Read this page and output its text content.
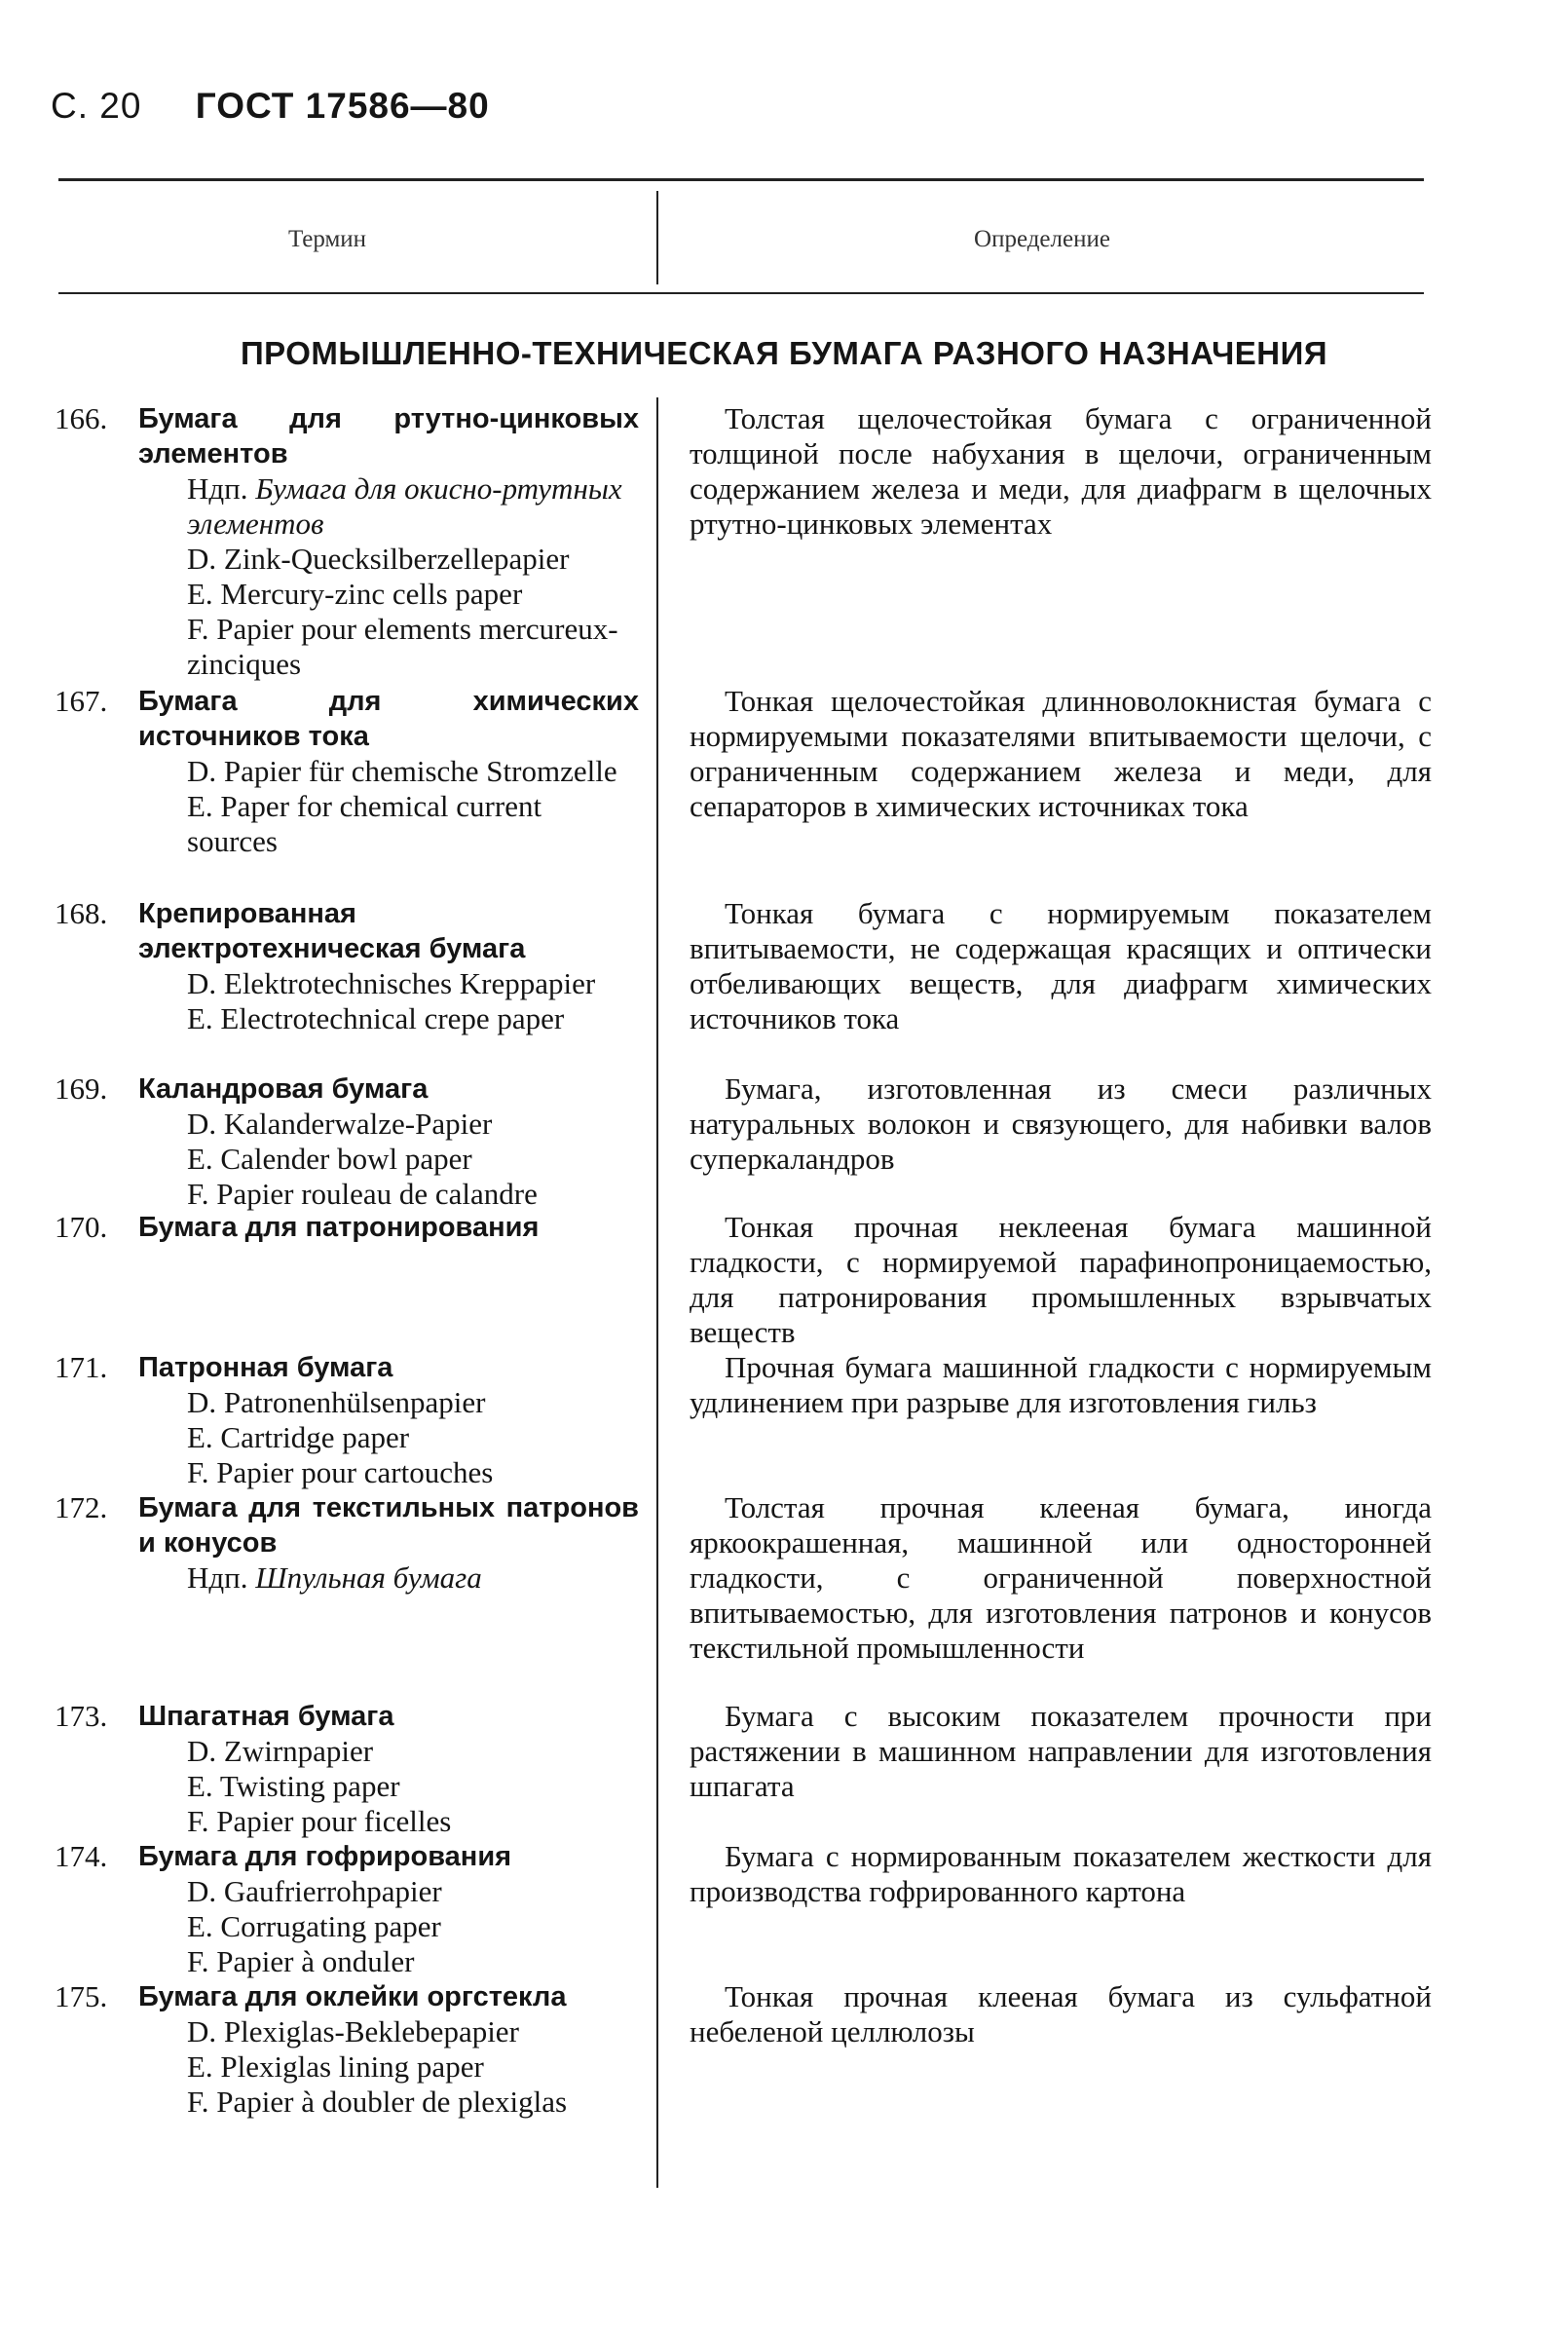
С. 20 ГОСТ 17586—80
Термин	Определение
ПРОМЫШЛЕННО-ТЕХНИЧЕСКАЯ БУМАГА РАЗНОГО НАЗНАЧЕНИЯ
166.	Бумага для ртутно-цинковых элементов
Ндп. Бумага для окисно-ртутных элементов
D. Zink-Quecksilberzellepapier
E. Mercury-zinc cells paper
F. Papier pour elements mercureux-zinciques
Толстая щелочестойкая бумага с ограниченной толщиной после набухания в щелочи, ограниченным содержанием железа и меди, для диафрагм в щелочных ртутно-цинковых элементах
167.	Бумага для химических источников тока
D. Papier für chemische Stromzelle
E. Paper for chemical current sources
Тонкая щелочестойкая длинноволокнистая бумага с нормируемыми показателями впитываемости щелочи, с ограниченным содержанием железа и меди, для сепараторов в химических источниках тока
168.	Крепированная электротехническая бумага
D. Elektrotechnisches Kreppapier
E. Electrotechnical crepe paper
Тонкая бумага с нормируемым показателем впитываемости, не содержащая красящих и оптически отбеливающих веществ, для диафрагм химических источников тока
169.	Каландровая бумага
D. Kalanderwalze-Papier
E. Calender bowl paper
F. Papier rouleau de calandre
Бумага, изготовленная из смеси различных натуральных волокон и связующего, для набивки валов суперкаландров
170.	Бумага для патронирования	Тонкая прочная неклееная бумага машинной гладкости, с нормируемой парафинопроницаемостью, для патронирования промышленных взрывчатых веществ
171.	Патронная бумага
D. Patronenhülsenpapier
E. Cartridge paper
F. Papier pour cartouches
Прочная бумага машинной гладкости с нормируемым удлинением при разрыве для изготовления гильз
172.	Бумага для текстильных патронов и конусов
Ндп. Шпульная бумага
Толстая прочная клееная бумага, иногда яркоокрашенная, машинной или односторонней гладкости, с ограниченной поверхностной впитываемостью, для изготовления патронов и конусов текстильной промышленности
173.	Шпагатная бумага
D. Zwirnpapier
E. Twisting paper
F. Papier pour ficelles
Бумага с высоким показателем прочности при растяжении в машинном направлении для изготовления шпагата
174.	Бумага для гофрирования
D. Gaufrierrohpapier
E. Corrugating paper
F. Papier à onduler
Бумага с нормированным показателем жесткости для производства гофрированного картона
175.	Бумага для оклейки оргстекла
D. Plexiglas-Beklebepapier
E. Plexiglas lining paper
F. Papier à doubler de plexiglas
Тонкая прочная клееная бумага из сульфатной небеленой целлюлозы
